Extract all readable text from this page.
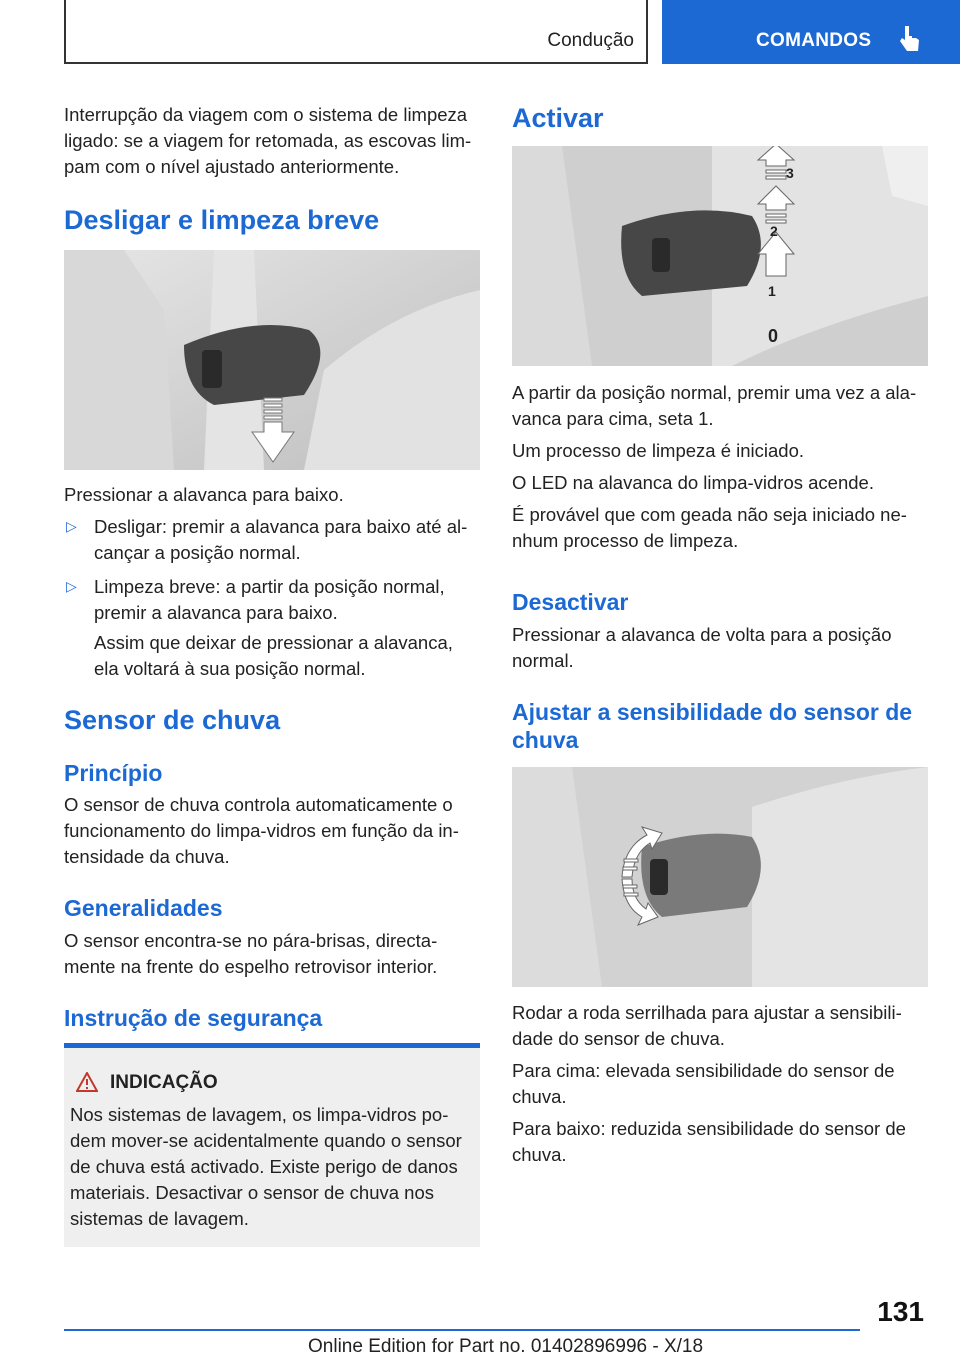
Condução	COMANDOS

Interrupção da viagem com o sistema de limpeza ligado: se a viagem for retomada, as escovas limpam com o nível ajustado anteriormente.

Desligar e limpeza breve

Pressionar a alavanca para baixo.

▷ Desligar: premir a alavanca para baixo até alcançar a posição normal.

▷ Limpeza breve: a partir da posição normal, premir a alavanca para baixo.

Assim que deixar de pressionar a alavanca, ela voltará à sua posição normal.

Sensor de chuva
Princípio

O sensor de chuva controla automaticamente o funcionamento do limpa-vidros em função da intensidade da chuva.

Generalidades

O sensor encontra-se no pára-brisas, directamente na frente do espelho retrovisor interior.

Instrução de segurança
INDICAÇÃO

Nos sistemas de lavagem, os limpa-vidros podem mover-se acidentalmente quando o sensor de chuva está activado. Existe perigo de danos materiais. Desactivar o sensor de chuva nos sistemas de lavagem.

Activar
3
2
1
0

A partir da posição normal, premir uma vez a alavanca para cima, seta 1.

Um processo de limpeza é iniciado.

O LED na alavanca do limpa-vidros acende.

É provável que com geada não seja iniciado nenhum processo de limpeza.

Desactivar

Pressionar a alavanca de volta para a posição normal.

Ajustar a sensibilidade do sensor de chuva

Rodar a roda serrilhada para ajustar a sensibilidade do sensor de chuva.

Para cima: elevada sensibilidade do sensor de chuva.

Para baixo: reduzida sensibilidade do sensor de chuva.

131
Online Edition for Part no. 01402896996 - X/18
